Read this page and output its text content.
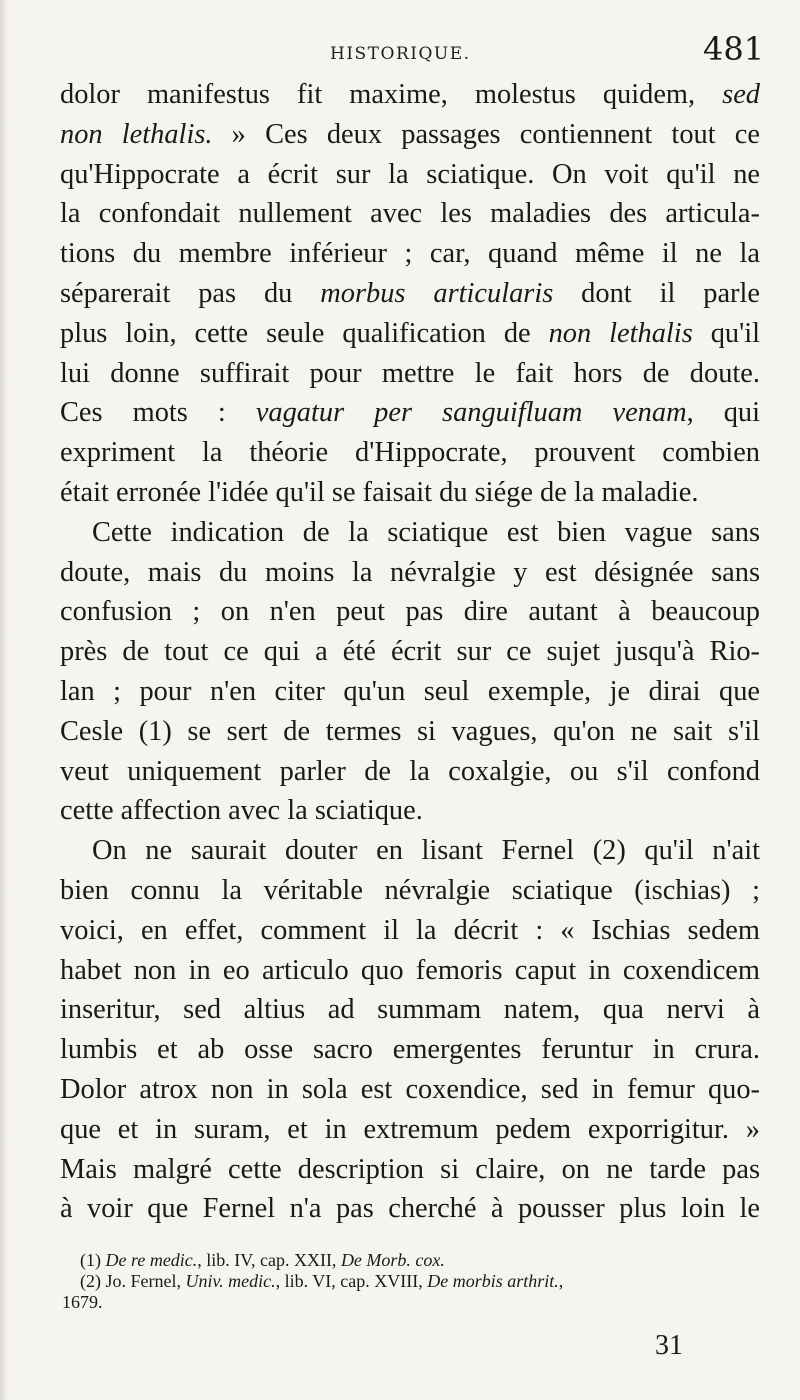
HISTORIQUE.	481
dolor manifestus fit maxime, molestus quidem, sed
non lethalis. » Ces deux passages contiennent tout ce
qu'Hippocrate a écrit sur la sciatique. On voit qu'il ne
la confondait nullement avec les maladies des articula-
tions du membre inférieur ; car, quand même il ne la
séparerait pas du morbus articularis dont il parle
plus loin, cette seule qualification de non lethalis qu'il
lui donne suffirait pour mettre le fait hors de doute.
Ces mots : vagatur per sanguifluam venam, qui
expriment la théorie d'Hippocrate, prouvent combien
était erronée l'idée qu'il se faisait du siége de la maladie.
Cette indication de la sciatique est bien vague sans
doute, mais du moins la névralgie y est désignée sans
confusion ; on n'en peut pas dire autant à beaucoup
près de tout ce qui a été écrit sur ce sujet jusqu'à Rio-
lan ; pour n'en citer qu'un seul exemple, je dirai que
Cesle (1) se sert de termes si vagues, qu'on ne sait s'il
veut uniquement parler de la coxalgie, ou s'il confond
cette affection avec la sciatique.
On ne saurait douter en lisant Fernel (2) qu'il n'ait
bien connu la véritable névralgie sciatique (ischias) ;
voici, en effet, comment il la décrit : « Ischias sedem
habet non in eo articulo quo femoris caput in coxendicem
inseritur, sed altius ad summam natem, qua nervi à
lumbis et ab osse sacro emergentes feruntur in crura.
Dolor atrox non in sola est coxendice, sed in femur quo-
que et in suram, et in extremum pedem exporrigitur. »
Mais malgré cette description si claire, on ne tarde pas
à voir que Fernel n'a pas cherché à pousser plus loin le
(1) De re medic., lib. IV, cap. XXII, De Morb. cox.
(2) Jo. Fernel, Univ. medic., lib. VI, cap. XVIII, De morbis arthrit.,
1679.
31
